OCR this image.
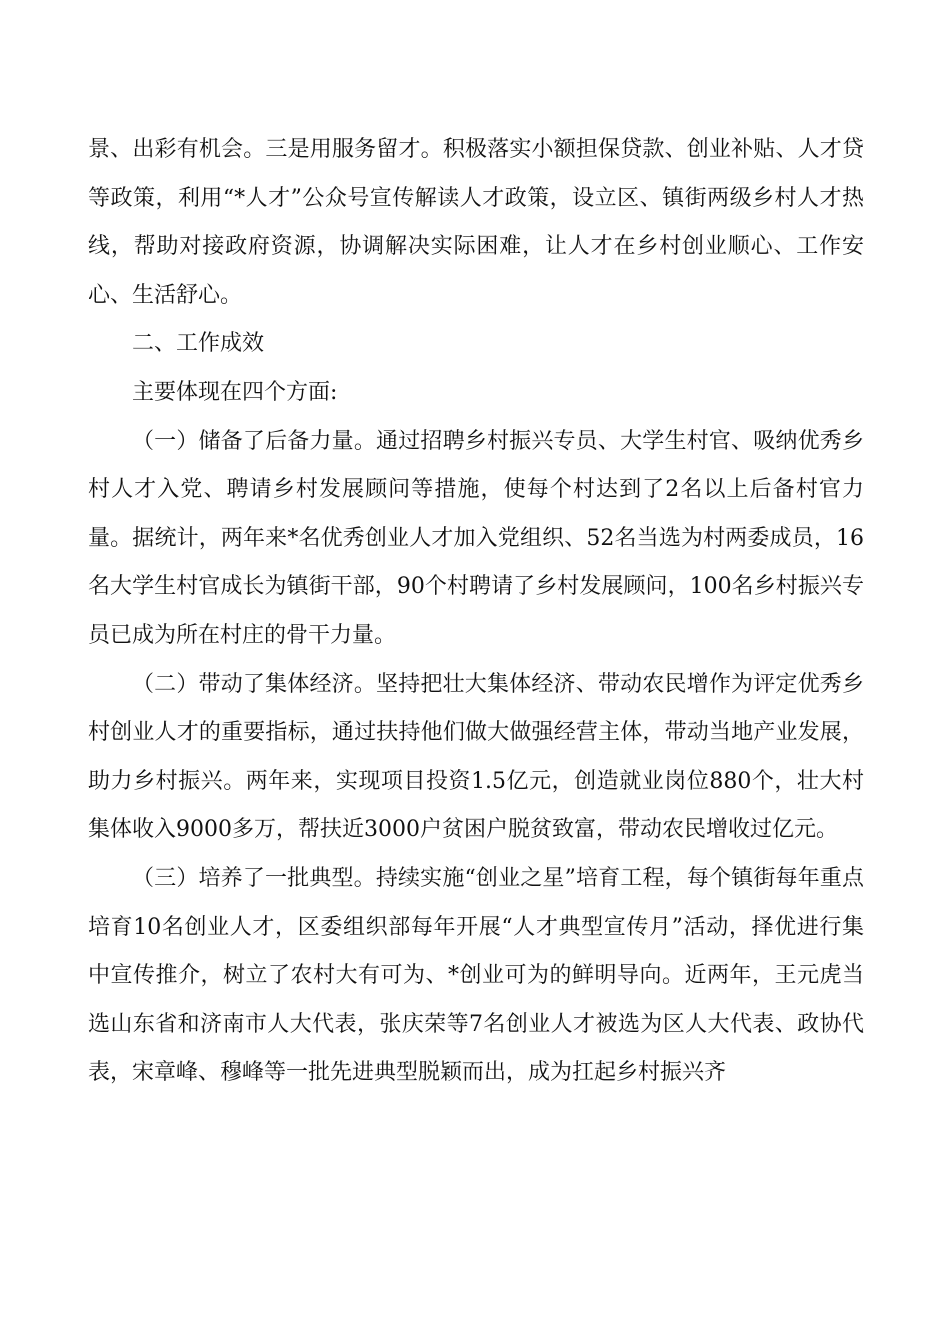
景、出彩有机会。三是用服务留才。积极落实小额担保贷款、创业补贴、人才贷等政策，利用“*人才”公众号宣传解读人才政策，设立区、镇街两级乡村人才热线，帮助对接政府资源，协调解决实际困难，让人才在乡村创业顺心、工作安心、生活舒心。

二、工作成效

主要体现在四个方面:

（一）储备了后备力量。通过招聘乡村振兴专员、大学生村官、吸纳优秀乡村人才入党、聘请乡村发展顾问等措施，使每个村达到了2名以上后备村官力量。据统计，两年来*名优秀创业人才加入党组织、52名当选为村两委成员，16名大学生村官成长为镇街干部，90个村聘请了乡村发展顾问，100名乡村振兴专员已成为所在村庄的骨干力量。

（二）带动了集体经济。坚持把壮大集体经济、带动农民增作为评定优秀乡村创业人才的重要指标，通过扶持他们做大做强经营主体，带动当地产业发展，助力乡村振兴。两年来，实现项目投资1.5亿元，创造就业岗位880个，壮大村集体收入9000多万，帮扶近3000户贫困户脱贫致富，带动农民增收过亿元。

（三）培养了一批典型。持续实施“创业之星”培育工程，每个镇街每年重点培育10名创业人才，区委组织部每年开展“人才典型宣传月”活动，择优进行集中宣传推介，树立了农村大有可为、*创业可为的鲜明导向。近两年，王元虎当选山东省和济南市人大代表，张庆荣等7名创业人才被选为区人大代表、政协代表，宋章峰、穆峰等一批先进典型脱颖而出，成为扛起乡村振兴齐
